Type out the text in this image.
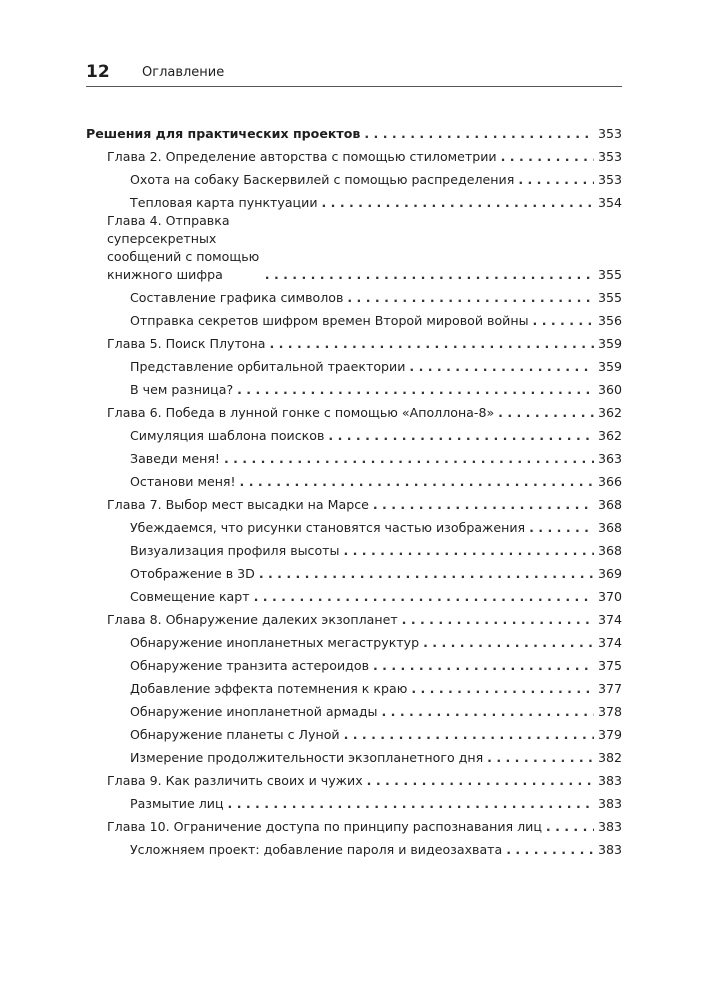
12	Оглавление
Решения для практических проектов . . .	353
Глава 2. Определение авторства с помощью стилометрии . . .	353
Охота на собаку Баскервилей с помощью распределения . . .	353
Тепловая карта пунктуации . . .	354
Глава 4. Отправка суперсекретных сообщений с помощью книжного шифра . . .	355
Составление графика символов . . .	355
Отправка секретов шифром времен Второй мировой войны . . .	356
Глава 5. Поиск Плутона . . .	359
Представление орбитальной траектории . . .	359
В чем разница? . . .	360
Глава 6. Победа в лунной гонке с помощью «Аполлона-8» . . .	362
Симуляция шаблона поисков . . .	362
Заведи меня! . . .	363
Останови меня! . . .	366
Глава 7. Выбор мест высадки на Марсе . . .	368
Убеждаемся, что рисунки становятся частью изображения . . .	368
Визуализация профиля высоты . . .	368
Отображение в 3D . . .	369
Совмещение карт . . .	370
Глава 8. Обнаружение далеких экзопланет . . .	374
Обнаружение инопланетных мегаструктур . . .	374
Обнаружение транзита астероидов . . .	375
Добавление эффекта потемнения к краю . . .	377
Обнаружение инопланетной армады . . .	378
Обнаружение планеты с Луной . . .	379
Измерение продолжительности экзопланетного дня . . .	382
Глава 9. Как различить своих и чужих . . .	383
Размытие лиц . . .	383
Глава 10. Ограничение доступа по принципу распознавания лиц . . .	383
Усложняем проект: добавление пароля и видеозахвата . . .	383
